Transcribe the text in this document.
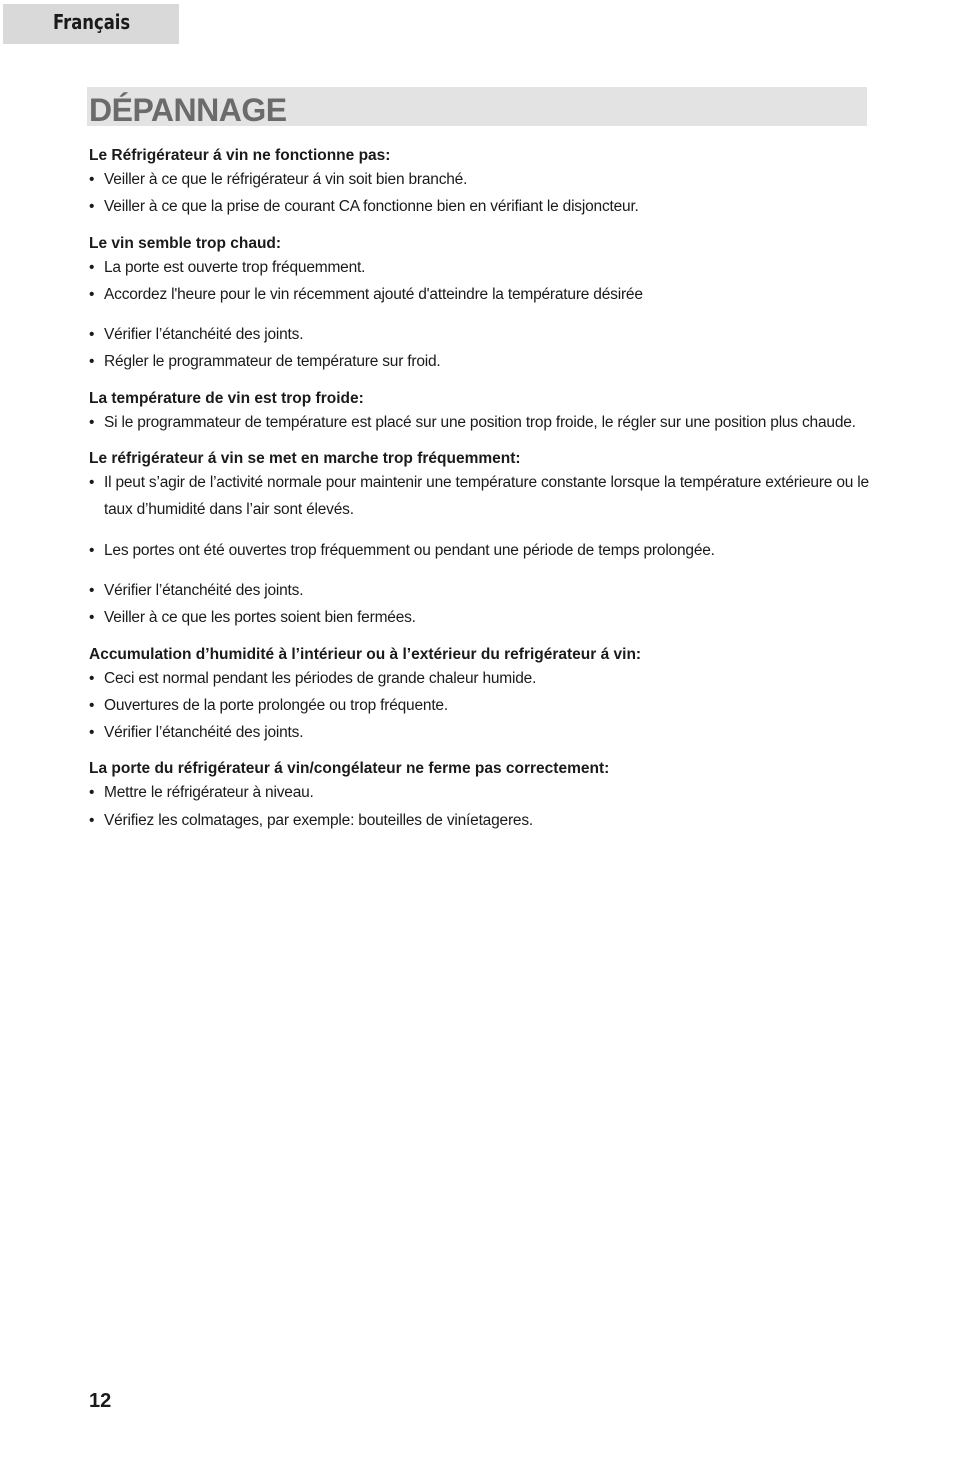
Français
DÉPANNAGE
Le Réfrigérateur á vin ne fonctionne pas:
• Veiller à ce que le réfrigérateur á vin soit bien branché.
• Veiller à ce que la prise de courant CA fonctionne bien en vérifiant le disjoncteur.
Le vin semble trop chaud:
• La porte est ouverte trop fréquemment.
• Accordez l'heure pour le vin récemment ajouté d'atteindre la température désirée
• Vérifier l’étanchéité des joints.
• Régler le programmateur de température sur froid.
La température de vin est trop froide:
• Si le programmateur de température est placé sur une position trop froide, le régler sur une position plus chaude.
Le réfrigérateur á vin se met en marche trop fréquemment:
• Il peut s’agir de l’activité normale pour maintenir une température constante lorsque la température extérieure ou le taux d’humidité dans l’air sont élevés.
• Les portes ont été ouvertes trop fréquemment ou pendant une période de temps prolongée.
• Vérifier l’étanchéité des joints.
• Veiller à ce que les portes soient bien fermées.
Accumulation d’humidité à l’intérieur ou à l’extérieur du refrigérateur á vin:
• Ceci est normal pendant les périodes de grande chaleur humide.
• Ouvertures de la porte prolongée ou trop fréquente.
• Vérifier l’étanchéité des joints.
La porte du réfrigérateur á vin/congélateur ne ferme pas correctement:
• Mettre le réfrigérateur à niveau.
• Vérifiez les colmatages, par exemple: bouteilles de viníetageres.
12
